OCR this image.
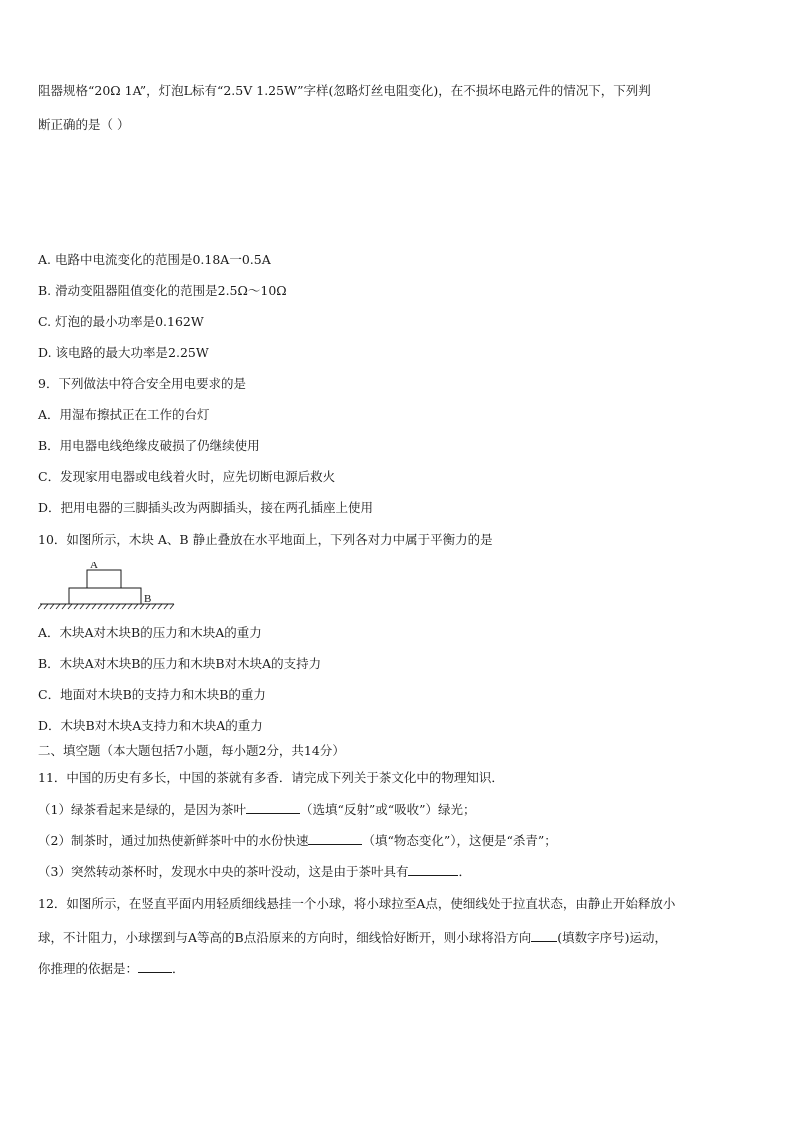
阻器规格“20Ω 1A”，灯泡L标有“2.5V 1.25W”字样(忽略灯丝电阻变化)，在不损坏电路元件的情况下，下列判
断正确的是（ ）
A. 电路中电流变化的范围是0.18A一0.5A
B. 滑动变阻器阻值变化的范围是2.5Ω～10Ω
C. 灯泡的最小功率是0.162W
D. 该电路的最大功率是2.25W
9．下列做法中符合安全用电要求的是
A．用湿布擦拭正在工作的台灯
B．用电器电线绝缘皮破损了仍继续使用
C．发现家用电器或电线着火时，应先切断电源后救火
D．把用电器的三脚插头改为两脚插头，接在两孔插座上使用
10．如图所示，木块 A、B 静止叠放在水平地面上，下列各对力中属于平衡力的是
A
B
A．木块A对木块B的压力和木块A的重力
B．木块A对木块B的压力和木块B对木块A的支持力
C．地面对木块B的支持力和木块B的重力
D．木块B对木块A支持力和木块A的重力
二、填空题（本大题包括7小题，每小题2分，共14分）
11．中国的历史有多长，中国的茶就有多香．请完成下列关于茶文化中的物理知识．
（1）绿茶看起来是绿的，是因为茶叶	（选填“反射”或“吸收”）绿光；
（2）制茶时，通过加热使新鲜茶叶中的水份快速	（填“物态变化”），这便是“杀青”；
（3）突然转动茶杯时，发现水中央的茶叶没动，这是由于茶叶具有	．
12．如图所示，在竖直平面内用轻质细线悬挂一个小球，将小球拉至A点，使细线处于拉直状态，由静止开始释放小
球，不计阻力，小球摆到与A等高的B点沿原来的方向时，细线恰好断开，则小球将沿方向 (填数字序号)运动，
你推理的依据是：	．
